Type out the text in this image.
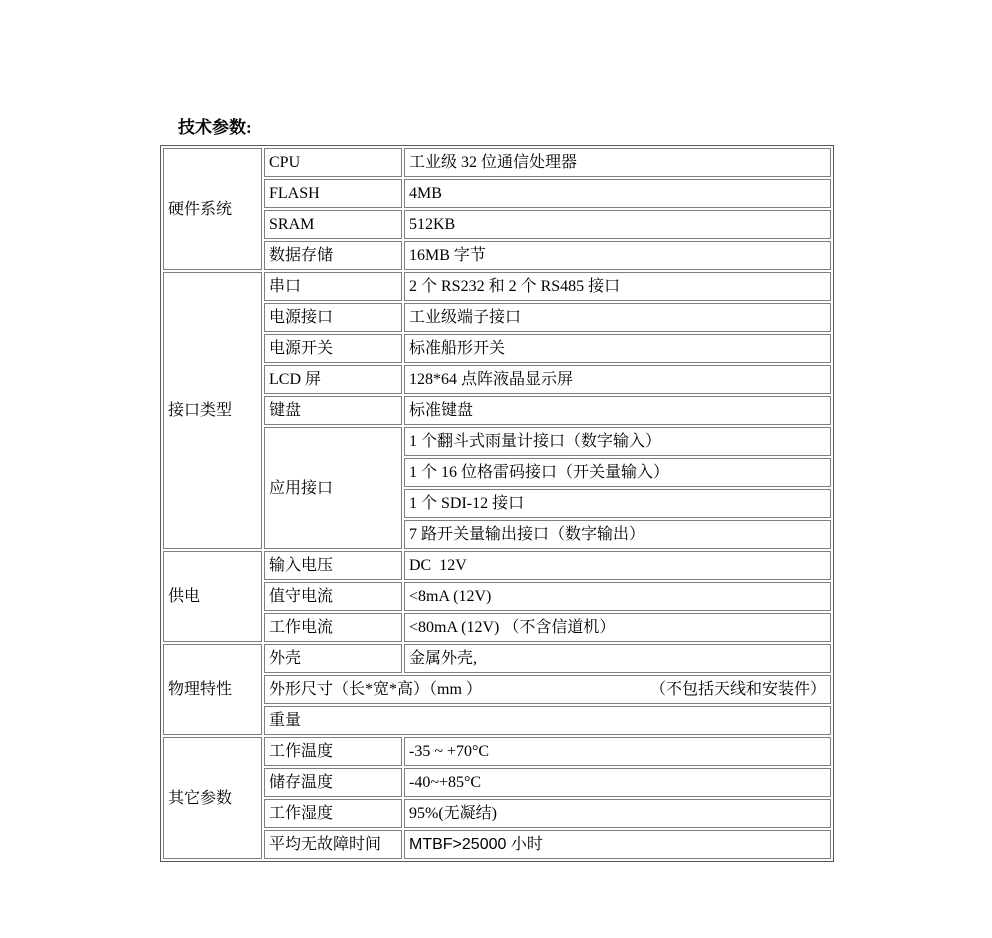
技术参数:

硬件系统	CPU	工业级 32 位通信处理器
	FLASH	4MB
	SRAM	512KB
	数据存储	16MB 字节
接口类型	串口	2 个 RS232 和 2 个 RS485 接口
	电源接口	工业级端子接口
	电源开关	标准船形开关
	LCD 屏	128*64 点阵液晶显示屏
	键盘	标准键盘
	应用接口	1 个翻斗式雨量计接口（数字输入）
		1 个 16 位格雷码接口（开关量输入）
		1 个 SDI-12 接口
		7 路开关量输出接口（数字输出）
供电	输入电压	DC  12V
	值守电流	<8mA (12V)
	工作电流	<80mA (12V) （不含信道机）
物理特性	外壳	金属外壳,
	外形尺寸（长*宽*高）（mm ） （不包括天线和安装件）	

	重量	
其它参数	工作温度	-35 ~ +70°C
	储存温度	-40~+85°C
	工作湿度	95%(无凝结)
	平均无故障时间	MTBF>25000 小时
